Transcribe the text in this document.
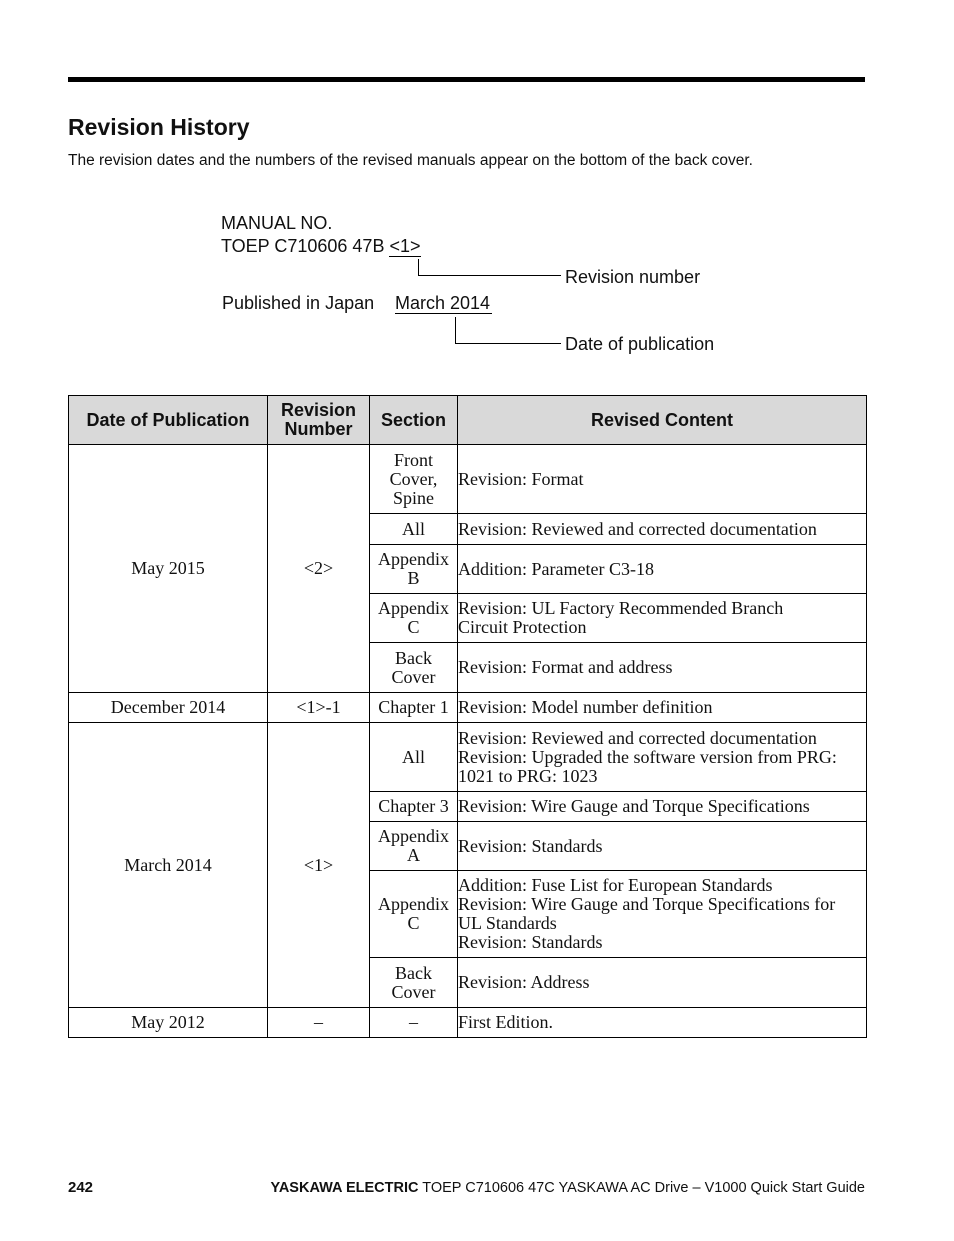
Revision History

The revision dates and the numbers of the revised manuals appear on the bottom of the back cover.

MANUAL NO.
TOEP C710606 47B <1>
Revision number
Published in Japan March 2014
Date of publication
Date of Publication	Revision
Number	Section	Revised Content
May 2015	<2>	Front
Cover,
Spine	Revision: Format

		All	Revision: Reviewed and corrected documentation

		Appendix
B	Addition: Parameter C3-18

		Appendix
C	Revision: UL Factory Recommended Branch
Circuit Protection

		Back
Cover	Revision: Format and address

December 2014	<1>-1	Chapter 1	Revision: Model number definition

March 2014	<1>	All	Revision: Reviewed and corrected documentation
Revision: Upgraded the software version from PRG:
1021 to PRG: 1023

		Chapter 3	Revision: Wire Gauge and Torque Specifications

		Appendix
A	Revision: Standards

		Appendix
C	Addition: Fuse List for European Standards
Revision: Wire Gauge and Torque Specifications for
UL Standards
Revision: Standards

		Back
Cover	Revision: Address

May 2012	–	–	First Edition.
242	YASKAWA ELECTRIC TOEP C710606 47C YASKAWA AC Drive – V1000 Quick Start Guide
